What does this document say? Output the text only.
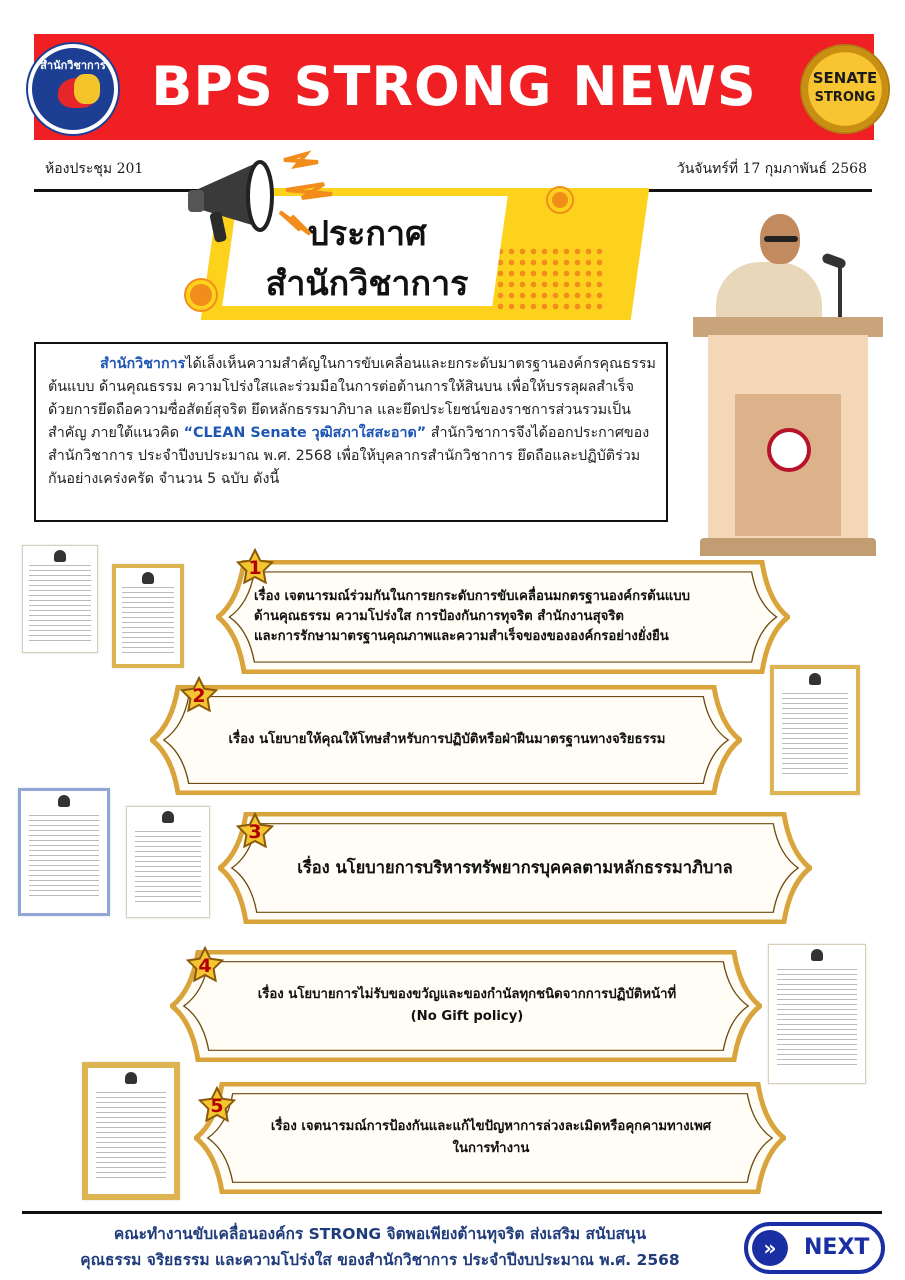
BPS STRONG NEWS
สำนักวิชาการ
SENATE
STRONG
ห้องประชุม 201	วันจันทร์ที่ 17 กุมภาพันธ์ 2568
ประกาศ
สำนักวิชาการ
สำนักวิชาการได้เล็งเห็นความสำคัญในการขับเคลื่อนและยกระดับมาตรฐานองค์กรคุณธรรมต้นแบบ ด้านคุณธรรม ความโปร่งใสและร่วมมือในการต่อต้านการให้สินบน เพื่อให้บรรลุผลสำเร็จ ด้วยการยึดถือความซื่อสัตย์สุจริต ยึดหลักธรรมาภิบาล และยึดประโยชน์ของราชการส่วนรวมเป็นสำคัญ ภายใต้แนวคิด “CLEAN Senate วุฒิสภาใสสะอาด” สำนักวิชาการจึงได้ออกประกาศของสำนักวิชาการ ประจำปีงบประมาณ พ.ศ. 2568 เพื่อให้บุคลากรสำนักวิชาการ ยึดถือและปฏิบัติร่วมกันอย่างเคร่งครัด จำนวน 5 ฉบับ ดังนี้
เรื่อง เจตนารมณ์ร่วมกันในการยกระดับการขับเคลื่อนมกตรฐานองค์กรต้นแบบ
ด้านคุณธรรม ความโปร่งใส การป้องกันการทุจริต สำนักงานสุจริต
และการรักษามาตรฐานคุณภาพและความสำเร็จของขององค์กรอย่างยั่งยืน
1
เรื่อง นโยบายให้คุณให้โทษสำหรับการปฏิบัติหรือฝ่าฝืนมาตรฐานทางจริยธรรม
2
เรื่อง นโยบายการบริหารทรัพยากรบุคคลตามหลักธรรมาภิบาล
3
เรื่อง นโยบายการไม่รับของขวัญและของกำนัลทุกชนิดจากการปฏิบัติหน้าที่
(No Gift policy)
4
เรื่อง เจตนารมณ์การป้องกันและแก้ไขปัญหาการล่วงละเมิดหรือคุกคามทางเพศ
ในการทำงาน
5
คณะทำงานขับเคลื่อนองค์กร STRONG จิตพอเพียงต้านทุจริต ส่งเสริม สนับสนุน
คุณธรรม จริยธรรม และความโปร่งใส ของสำนักวิชาการ ประจำปีงบประมาณ พ.ศ. 2568	»	NEXT
